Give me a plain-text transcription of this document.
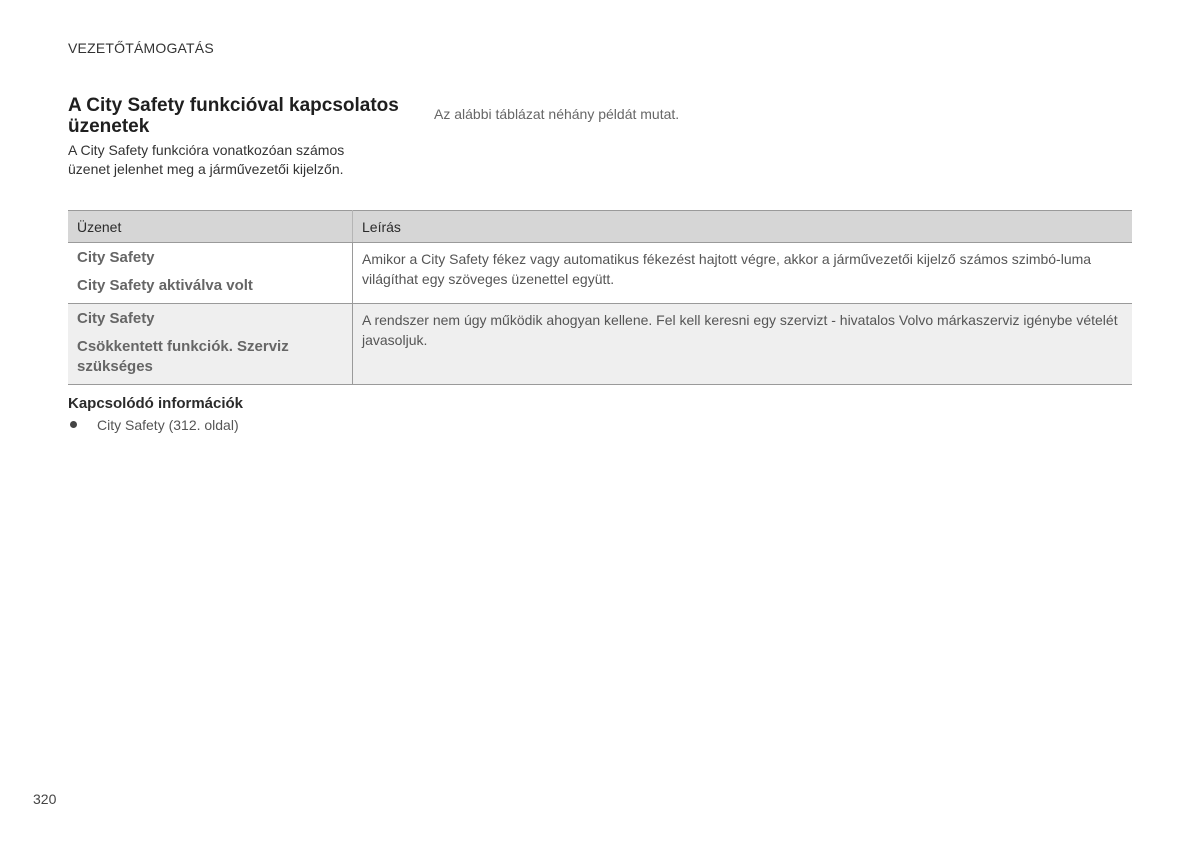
VEZETŐTÁMOGATÁS
A City Safety funkcióval kapcsolatos üzenetek

A City Safety funkcióra vonatkozóan számos üzenet jelenhet meg a járművezetői kijelzőn.

Az alábbi táblázat néhány példát mutat.

Üzenet	Leírás

City Safety

City Safety aktiválva volt	Amikor a City Safety fékez vagy automatikus fékezést hajtott végre, akkor a járművezetői kijelző számos szimbó-luma világíthat egy szöveges üzenettel együtt.

City Safety

Csökkentett funkciók. Szerviz szükséges	A rendszer nem úgy működik ahogyan kellene. Fel kell keresni egy szervizt - hivatalos Volvo márkaszerviz igénybe vételét javasoljuk.
Kapcsolódó információk
City Safety (312. oldal)
320
